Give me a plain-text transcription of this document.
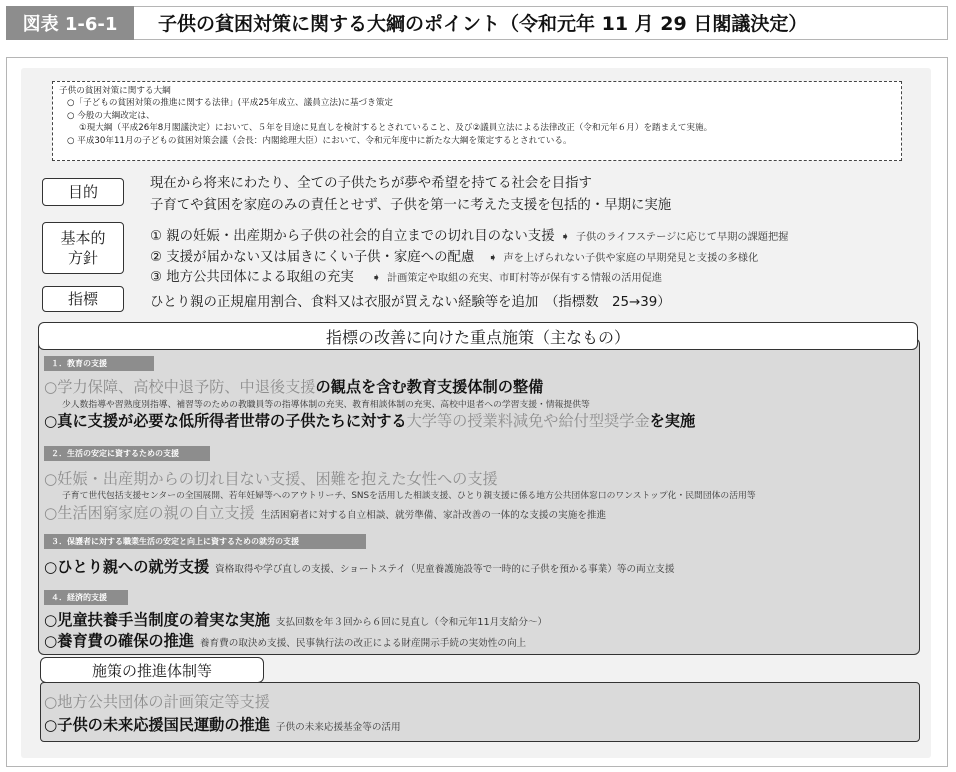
図表 1-6-1	子供の貧困対策に関する大綱のポイント（令和元年 11 月 29 日閣議決定）
子供の貧困対策に関する大綱
○「子どもの貧困対策の推進に関する法律」(平成25年成立、議員立法)に基づき策定
○ 今般の大綱改定は、
①現大綱（平成26年8月閣議決定）において、５年を目途に見直しを検討するとされていること、及び②議員立法による法律改正（令和元年６月）を踏まえて実施。
○ 平成30年11月の子どもの貧困対策会議（会長：内閣総理大臣）において、令和元年度中に新たな大綱を策定するとされている。
目的	現在から将来にわたり、全ての子供たちが夢や希望を持てる社会を目指す
子育てや貧困を家庭のみの責任とせず、子供を第一に考えた支援を包括的・早期に実施
基本的
方針
① 親の妊娠・出産期から子供の社会的自立までの切れ目のない支援 ➧ 子供のライフステージに応じて早期の課題把握
② 支援が届かない又は届きにくい子供・家庭への配慮 ➧ 声を上げられない子供や家庭の早期発見と支援の多様化
③ 地方公共団体による取組の充実 ➧ 計画策定や取組の充実、市町村等が保有する情報の活用促進
指標	ひとり親の正規雇用割合、食料又は衣服が買えない経験等を追加　（指標数　25→39）
指標の改善に向けた重点施策（主なもの）
１．教育の支援
○学力保障、高校中退予防、中退後支援の観点を含む教育支援体制の整備
少人数指導や習熟度別指導、補習等のための教職員等の指導体制の充実、教育相談体制の充実、高校中退者への学習支援・情報提供等
○真に支援が必要な低所得者世帯の子供たちに対する大学等の授業料減免や給付型奨学金を実施
２．生活の安定に資するための支援
○妊娠・出産期からの切れ目ない支援、困難を抱えた女性への支援
子育て世代包括支援センターの全国展開、若年妊婦等へのアウトリーチ、SNSを活用した相談支援、ひとり親支援に係る地方公共団体窓口のワンストップ化・民間団体の活用等
○生活困窮家庭の親の自立支援 生活困窮者に対する自立相談、就労準備、家計改善の一体的な支援の実施を推進
３．保護者に対する職業生活の安定と向上に資するための就労の支援
○ひとり親への就労支援 資格取得や学び直しの支援、ショートステイ（児童養護施設等で一時的に子供を預かる事業）等の両立支援
４．経済的支援
○児童扶養手当制度の着実な実施 支払回数を年３回から６回に見直し（令和元年11月支給分～）
○養育費の確保の推進 養育費の取決め支援、民事執行法の改正による財産開示手続の実効性の向上
施策の推進体制等
○地方公共団体の計画策定等支援
○子供の未来応援国民運動の推進 子供の未来応援基金等の活用
